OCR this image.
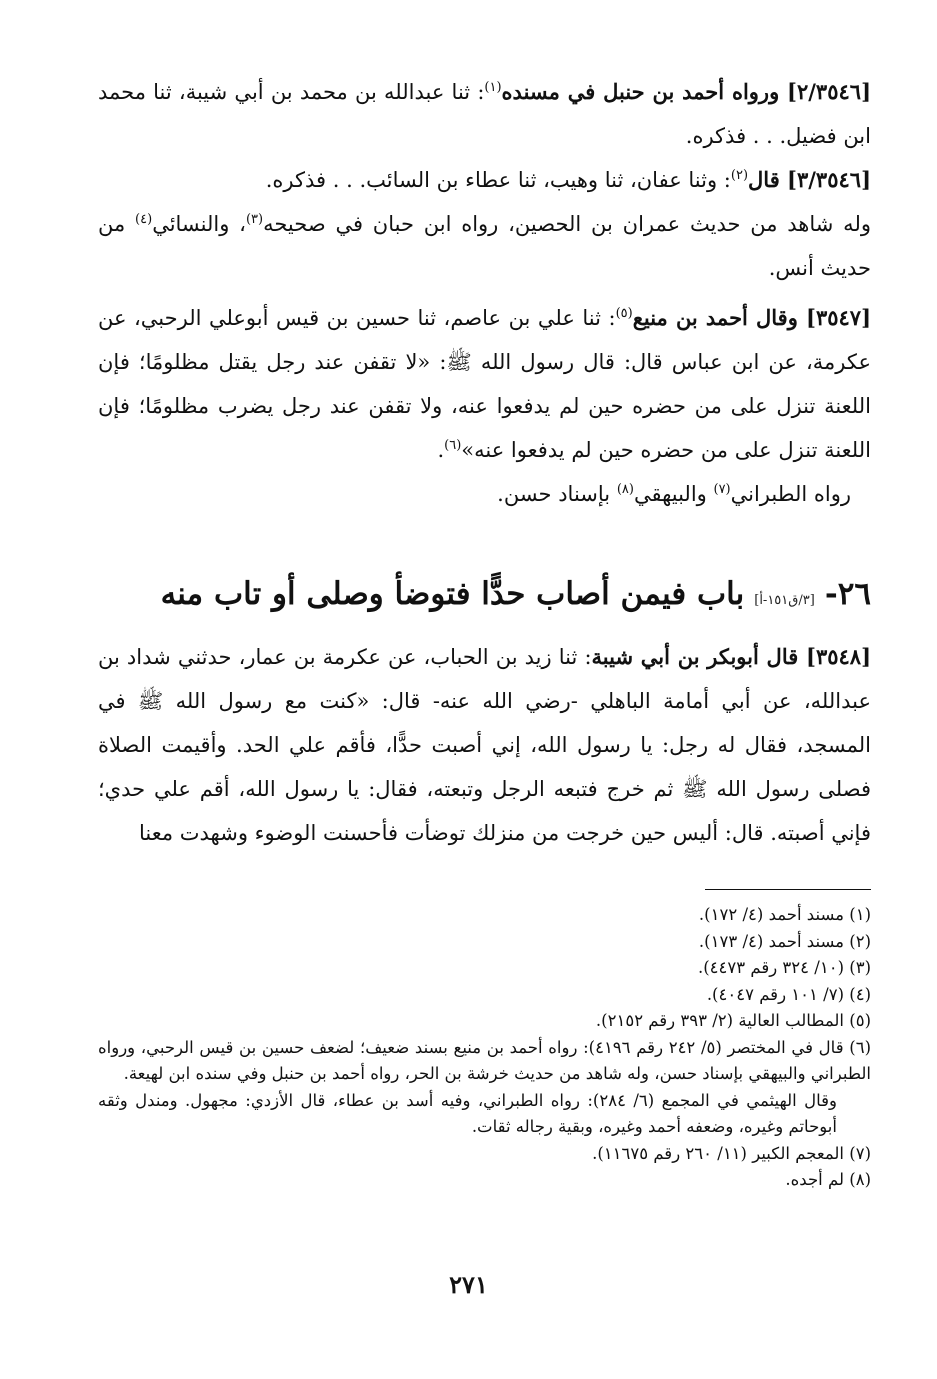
[٢/٣٥٤٦] ورواه أحمد بن حنبل في مسنده$^{(١)}$: ثنا عبدالله بن محمد بن أبي شيبة، ثنا محمد ابن فضيل. . . فذكره.

[٣/٣٥٤٦] قال$^{(٢)}$: وثنا عفان، ثنا وهيب، ثنا عطاء بن السائب. . . فذكره.

وله شاهد من حديث عمران بن الحصين، رواه ابن حبان في صحيحه$^{(٣)}$، والنسائي$^{(٤)}$ من حديث أنس.

[٣٥٤٧] وقال أحمد بن منيع$^{(٥)}$: ثنا علي بن عاصم، ثنا حسين بن قيس أبوعلي الرحبي، عن عكرمة، عن ابن عباس قال: قال رسول الله ﷺ: «لا تقفن عند رجل يقتل مظلومًا؛ فإن اللعنة تنزل على من حضره حين لم يدفعوا عنه، ولا تقفن عند رجل يضرب مظلومًا؛ فإن اللعنة تنزل على من حضره حين لم يدفعوا عنه»$^{(٦)}$.

رواه الطبراني$^{(٧)}$ والبيهقي$^{(٨)}$ بإسناد حسن.

٢٦-
[٣/ق١٥١-أ]
باب فيمن أصاب حدًّا فتوضأ وصلى أو تاب منه

[٣٥٤٨] قال أبوبكر بن أبي شيبة: ثنا زيد بن الحباب، عن عكرمة بن عمار، حدثني شداد بن عبدالله، عن أبي أمامة الباهلي -رضي الله عنه- قال: «كنت مع رسول الله ﷺ في المسجد، فقال له رجل: يا رسول الله، إني أصبت حدًّا، فأقم علي الحد. وأقيمت الصلاة فصلى رسول الله ﷺ ثم خرج فتبعه الرجل وتبعته، فقال: يا رسول الله، أقم علي حدي؛ فإني أصبته. قال: أليس حين خرجت من منزلك توضأت فأحسنت الوضوء وشهدت معنا

(١) مسند أحمد (٤/ ١٧٢).

(٢) مسند أحمد (٤/ ١٧٣).

(٣) (١٠/ ٣٢٤ رقم ٤٤٧٣).

(٤) (٧/ ١٠١ رقم ٤٠٤٧).

(٥) المطالب العالية (٢/ ٣٩٣ رقم ٢١٥٢).

(٦) قال في المختصر (٥/ ٢٤٢ رقم ٤١٩٦): رواه أحمد بن منيع بسند ضعيف؛ لضعف حسين بن قيس الرحبي، ورواه الطبراني والبيهقي بإسناد حسن، وله شاهد من حديث خرشة بن الحر، رواه أحمد بن حنبل وفي سنده ابن لهيعة.

وقال الهيثمي في المجمع (٦/ ٢٨٤): رواه الطبراني، وفيه أسد بن عطاء، قال الأزدي: مجهول. ومندل وثقه أبوحاتم وغيره، وضعفه أحمد وغيره، وبقية رجاله ثقات.

(٧) المعجم الكبير (١١/ ٢٦٠ رقم ١١٦٧٥).

(٨) لم أجده.

٢٧١
